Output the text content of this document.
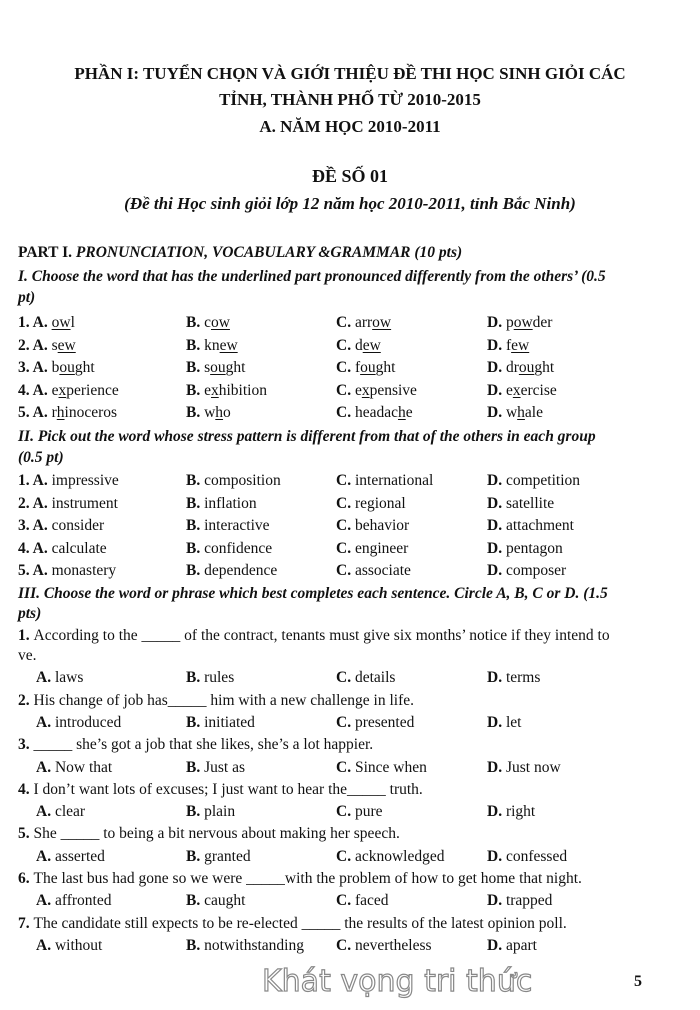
PHẦN I: TUYỂN CHỌN VÀ GIỚI THIỆU ĐỀ THI HỌC SINH GIỎI CÁC
TỈNH, THÀNH PHỐ TỪ 2010-2015
A. NĂM HỌC 2010-2011
ĐỀ SỐ 01
(Đề thi Học sinh giỏi lớp 12 năm học 2010-2011, tỉnh Bắc Ninh)
PART I. PRONUNCIATION, VOCABULARY &GRAMMAR (10 pts)
I. Choose the word that has the underlined part pronounced differently from the others’ (0.5
pt)
1. A. owl	B. cow	C. arrow	D. powder
2. A. sew	B. knew	C. dew	D. few
3. A. bought	B. sought	C. fought	D. drought
4. A. experience	B. exhibition	C. expensive	D. exercise
5. A. rhinoceros	B. who	C. headache	D. whale
II. Pick out the word whose stress pattern is different from that of the others in each group
(0.5 pt)
1. A. impressive	B. composition	C. international	D. competition
2. A. instrument	B. inflation	C. regional	D. satellite
3. A. consider	B. interactive	C. behavior	D. attachment
4. A. calculate	B. confidence	C. engineer	D. pentagon
5. A. monastery	B. dependence	C. associate	D. composer
III. Choose the word or phrase which best completes each sentence. Circle A, B, C or D. (1.5
pts)
1. According to the _____ of the contract, tenants must give six months’ notice if they intend to
ve.
A. laws	B. rules	C. details	D. terms
2. His change of job has_____ him with a new challenge in life.
A. introduced	B. initiated	C. presented	D. let
3. _____ she’s got a job that she likes, she’s a lot happier.
A. Now that	B. Just as	C. Since when	D. Just now
4. I don’t want lots of excuses; I just want to hear the_____ truth.
A. clear	B. plain	C. pure	D. right
5. She _____ to being a bit nervous about making her speech.
A. asserted	B. granted	C. acknowledged	D. confessed
6. The last bus had gone so we were _____with the problem of how to get home that night.
A. affronted	B. caught	C. faced	D. trapped
7. The candidate still expects to be re-elected _____ the results of the latest opinion poll.
A. without	B. notwithstanding C. nevertheless	D. apart
Khát vọng tri thức	5
